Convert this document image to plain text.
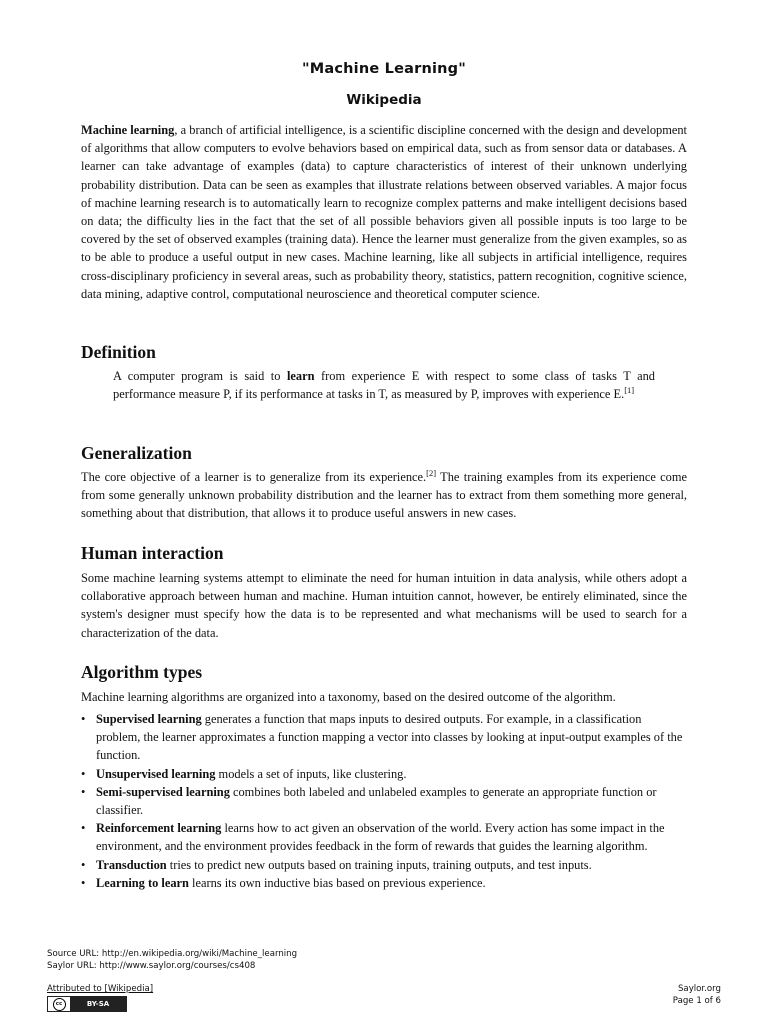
"Machine Learning"
Wikipedia

Machine learning, a branch of artificial intelligence, is a scientific discipline concerned with the design and development of algorithms that allow computers to evolve behaviors based on empirical data, such as from sensor data or databases. A learner can take advantage of examples (data) to capture characteristics of interest of their unknown underlying probability distribution. Data can be seen as examples that illustrate relations between observed variables. A major focus of machine learning research is to automatically learn to recognize complex patterns and make intelligent decisions based on data; the difficulty lies in the fact that the set of all possible behaviors given all possible inputs is too large to be covered by the set of observed examples (training data). Hence the learner must generalize from the given examples, so as to be able to produce a useful output in new cases. Machine learning, like all subjects in artificial intelligence, requires cross-disciplinary proficiency in several areas, such as probability theory, statistics, pattern recognition, cognitive science, data mining, adaptive control, computational neuroscience and theoretical computer science.

Definition
A computer program is said to learn from experience E with respect to some class of tasks T and performance measure P, if its performance at tasks in T, as measured by P, improves with experience E.[1]
Generalization

The core objective of a learner is to generalize from its experience.[2] The training examples from its experience come from some generally unknown probability distribution and the learner has to extract from them something more general, something about that distribution, that allows it to produce useful answers in new cases.

Human interaction

Some machine learning systems attempt to eliminate the need for human intuition in data analysis, while others adopt a collaborative approach between human and machine. Human intuition cannot, however, be entirely eliminated, since the system's designer must specify how the data is to be represented and what mechanisms will be used to search for a characterization of the data.

Algorithm types

Machine learning algorithms are organized into a taxonomy, based on the desired outcome of the algorithm.

• Supervised learning generates a function that maps inputs to desired outputs. For example, in a classification problem, the learner approximates a function mapping a vector into classes by looking at input-output examples of the function.
• Unsupervised learning models a set of inputs, like clustering.
• Semi-supervised learning combines both labeled and unlabeled examples to generate an appropriate function or classifier.
• Reinforcement learning learns how to act given an observation of the world. Every action has some impact in the environment, and the environment provides feedback in the form of rewards that guides the learning algorithm.
• Transduction tries to predict new outputs based on training inputs, training outputs, and test inputs.
• Learning to learn learns its own inductive bias based on previous experience.
Source URL: http://en.wikipedia.org/wiki/Machine_learning
Saylor URL: http://www.saylor.org/courses/cs408
Attributed to [Wikipedia]
cc	BY-SA
Saylor.org
Page 1 of 6
